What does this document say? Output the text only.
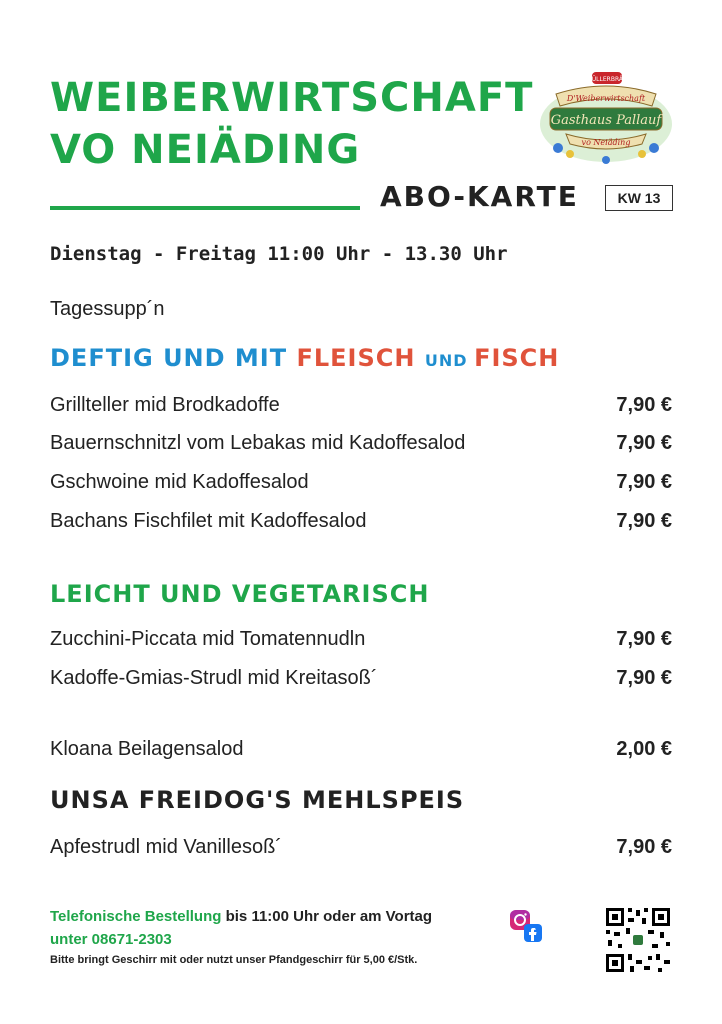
WEIBERWIRTSCHAFT
VO NEIÄDING
MÜLLERBRÄU
D'Weiberwirtschaft
Gasthaus Pallauf
vo Neiäding
ABO-KARTE	KW 13
Dienstag - Freitag 11:00 Uhr - 13.30 Uhr
Tagessupp´n
DEFTIG UND MIT FLEISCH UND FISCH
Grillteller mid Brodkadoffe	7,90 €
Bauernschnitzl vom Lebakas mid Kadoffesalod	7,90 €
Gschwoine mid Kadoffesalod	7,90 €
Bachans Fischfilet mit Kadoffesalod	7,90 €
LEICHT UND VEGETARISCH
Zucchini-Piccata mid Tomatennudln	7,90 €
Kadoffe-Gmias-Strudl mid Kreitasoß´	7,90 €
Kloana Beilagensalod	2,00 €
UNSA FREIDOG'S MEHLSPEIS
Apfestrudl mid Vanillesoß´	7,90 €
Telefonische Bestellung bis 11:00 Uhr oder am Vortag
unter 08671-2303
Bitte bringt Geschirr mit oder nutzt unser Pfandgeschirr für 5,00 €/Stk.
